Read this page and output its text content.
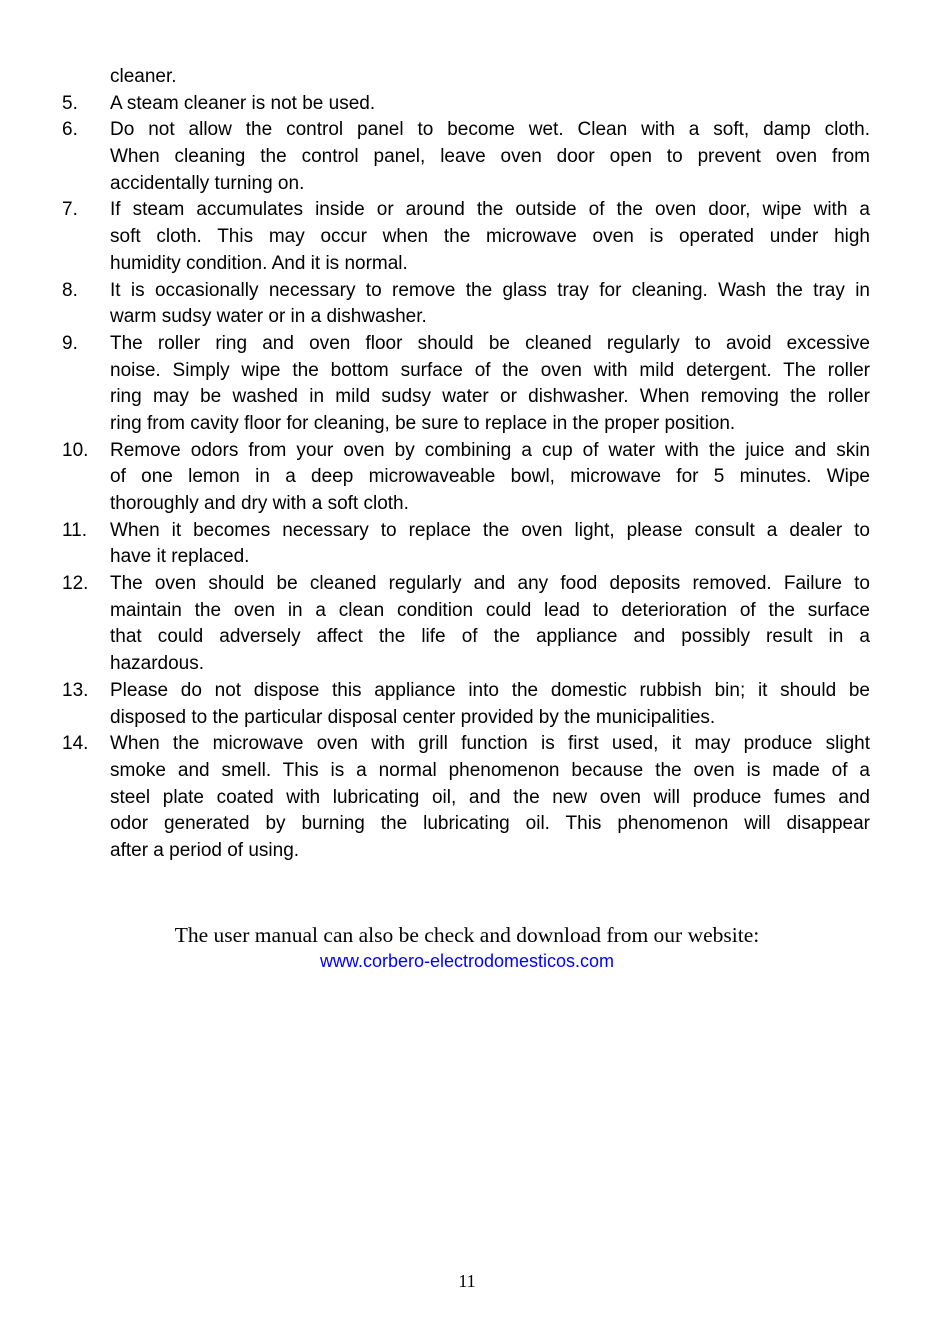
cleaner.
5. A steam cleaner is not be used.
6. Do not allow the control panel to become wet. Clean with a soft, damp cloth.
When cleaning the control panel, leave oven door open to prevent oven from
accidentally turning on.
7. If steam accumulates inside or around the outside of the oven door, wipe with a
soft cloth. This may occur when the microwave oven is operated under high
humidity condition. And it is normal.
8. It is occasionally necessary to remove the glass tray for cleaning. Wash the tray in
warm sudsy water or in a dishwasher.
9. The roller ring and oven floor should be cleaned regularly to avoid excessive
noise. Simply wipe the bottom surface of the oven with mild detergent. The roller
ring may be washed in mild sudsy water or dishwasher. When removing the roller
ring from cavity floor for cleaning, be sure to replace in the proper position.
10. Remove odors from your oven by combining a cup of water with the juice and skin
of one lemon in a deep microwaveable bowl, microwave for 5 minutes. Wipe
thoroughly and dry with a soft cloth.
11. When it becomes necessary to replace the oven light, please consult a dealer to
have it replaced.
12. The oven should be cleaned regularly and any food deposits removed. Failure to
maintain the oven in a clean condition could lead to deterioration of the surface
that could adversely affect the life of the appliance and possibly result in a
hazardous.
13. Please do not dispose this appliance into the domestic rubbish bin; it should be
disposed to the particular disposal center provided by the municipalities.
14. When the microwave oven with grill function is first used, it may produce slight
smoke and smell. This is a normal phenomenon because the oven is made of a
steel plate coated with lubricating oil, and the new oven will produce fumes and
odor generated by burning the lubricating oil. This phenomenon will disappear
after a period of using.
The user manual can also be check and download from our website:
www.corbero-electrodomesticos.com
11
